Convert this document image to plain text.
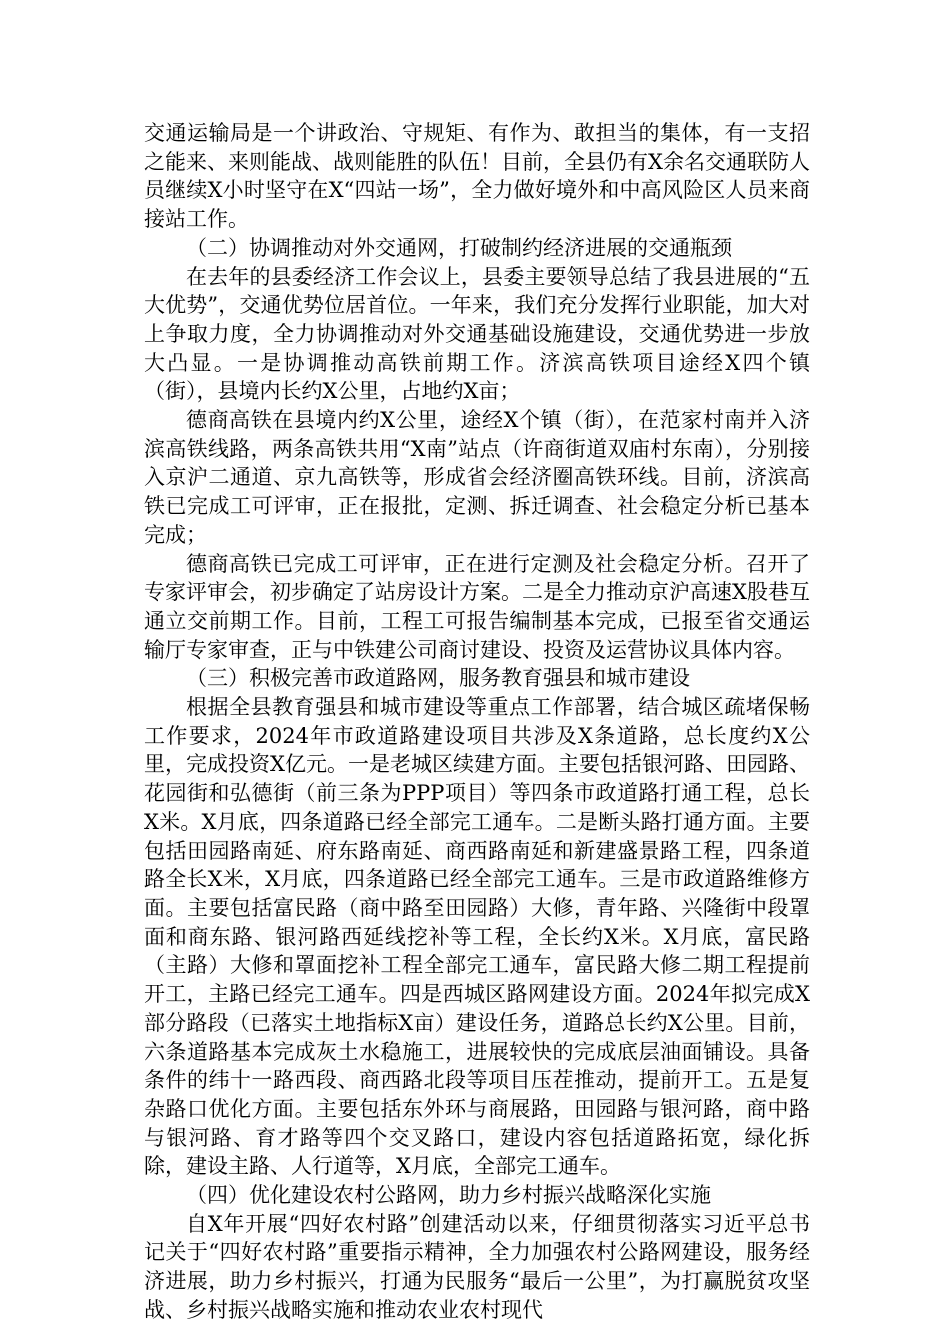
交通运输局是一个讲政治、守规矩、有作为、敢担当的集体，有一支招之能来、来则能战、战则能胜的队伍！目前，全县仍有X余名交通联防人员继续X小时坚守在X“四站一场”，全力做好境外和中高风险区人员来商接站工作。

（二）协调推动对外交通网，打破制约经济进展的交通瓶颈

在去年的县委经济工作会议上，县委主要领导总结了我县进展的“五大优势”，交通优势位居首位。一年来，我们充分发挥行业职能，加大对上争取力度，全力协调推动对外交通基础设施建设，交通优势进一步放大凸显。一是协调推动高铁前期工作。济滨高铁项目途经X四个镇（街），县境内长约X公里，占地约X亩；

德商高铁在县境内约X公里，途经X个镇（街），在范家村南并入济滨高铁线路，两条高铁共用“X南”站点（许商街道双庙村东南），分别接入京沪二通道、京九高铁等，形成省会经济圈高铁环线。目前，济滨高铁已完成工可评审，正在报批，定测、拆迁调查、社会稳定分析已基本完成；

德商高铁已完成工可评审，正在进行定测及社会稳定分析。召开了专家评审会，初步确定了站房设计方案。二是全力推动京沪高速X股巷互通立交前期工作。目前，工程工可报告编制基本完成，已报至省交通运输厅专家审查，正与中铁建公司商讨建设、投资及运营协议具体内容。

（三）积极完善市政道路网，服务教育强县和城市建设

根据全县教育强县和城市建设等重点工作部署，结合城区疏堵保畅工作要求，2024年市政道路建设项目共涉及X条道路，总长度约X公里，完成投资X亿元。一是老城区续建方面。主要包括银河路、田园路、花园街和弘德街（前三条为PPP项目）等四条市政道路打通工程，总长X米。X月底，四条道路已经全部完工通车。二是断头路打通方面。主要包括田园路南延、府东路南延、商西路南延和新建盛景路工程，四条道路全长X米，X月底，四条道路已经全部完工通车。三是市政道路维修方面。主要包括富民路（商中路至田园路）大修，青年路、兴隆街中段罩面和商东路、银河路西延线挖补等工程，全长约X米。X月底，富民路（主路）大修和罩面挖补工程全部完工通车，富民路大修二期工程提前开工，主路已经完工通车。四是西城区路网建设方面。2024年拟完成X部分路段（已落实土地指标X亩）建设任务，道路总长约X公里。目前，六条道路基本完成灰土水稳施工，进展较快的完成底层油面铺设。具备条件的纬十一路西段、商西路北段等项目压茬推动，提前开工。五是复杂路口优化方面。主要包括东外环与商展路，田园路与银河路，商中路与银河路、育才路等四个交叉路口，建设内容包括道路拓宽，绿化拆除，建设主路、人行道等，X月底，全部完工通车。

（四）优化建设农村公路网，助力乡村振兴战略深化实施

自X年开展“四好农村路”创建活动以来，仔细贯彻落实习近平总书记关于“四好农村路”重要指示精神，全力加强农村公路网建设，服务经济进展，助力乡村振兴，打通为民服务“最后一公里”，为打赢脱贫攻坚战、乡村振兴战略实施和推动农业农村现代
